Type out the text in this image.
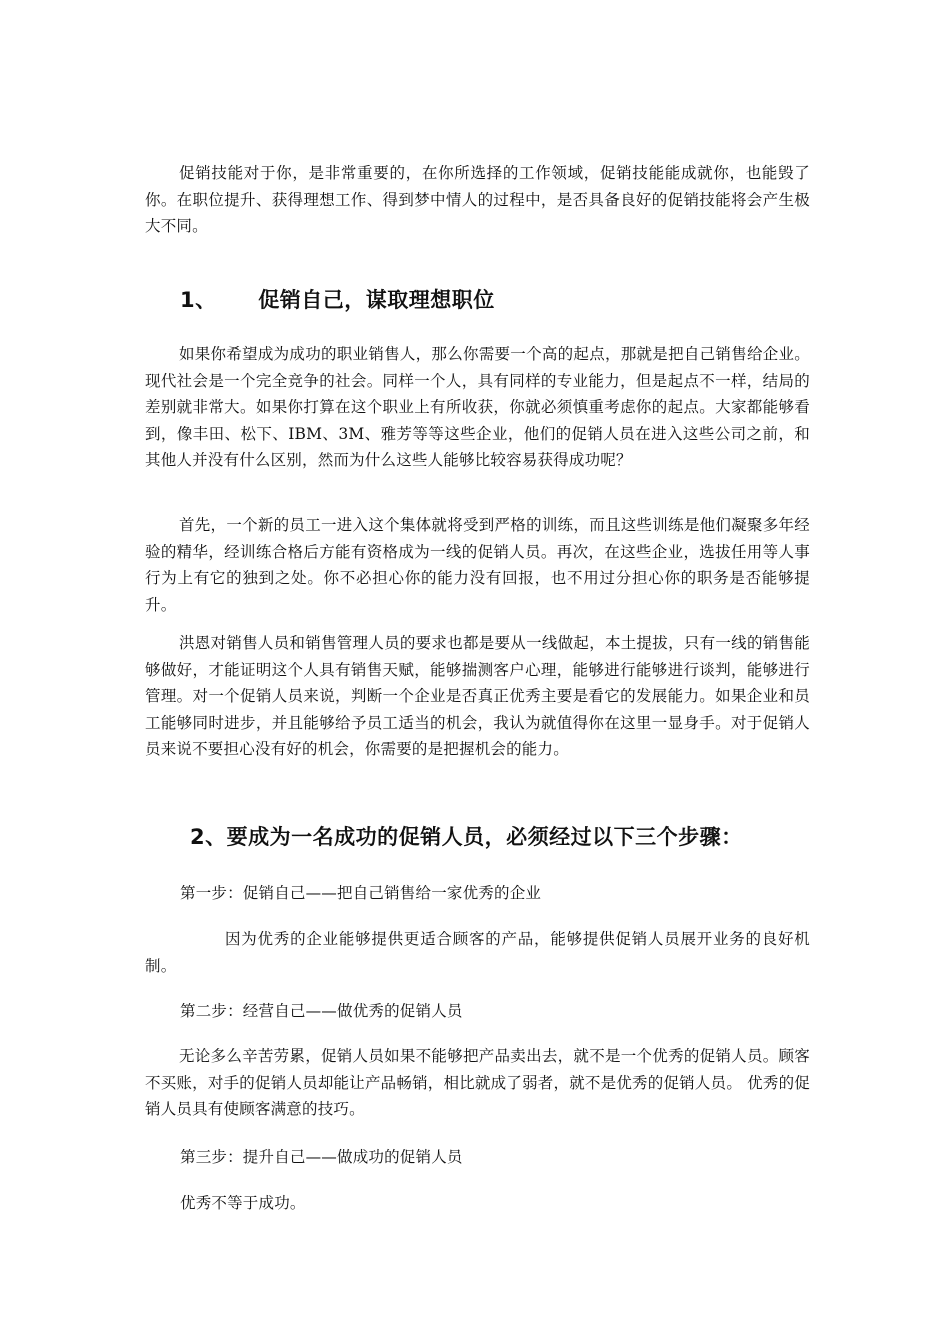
促销技能对于你，是非常重要的，在你所选择的工作领域，促销技能能成就你，也能毁了你。在职位提升、获得理想工作、得到梦中情人的过程中，是否具备良好的促销技能将会产生极大不同。

1、 促销自己，谋取理想职位

如果你希望成为成功的职业销售人，那么你需要一个高的起点，那就是把自己销售给企业。 现代社会是一个完全竞争的社会。同样一个人，具有同样的专业能力，但是起点不一样，结局的差别就非常大。如果你打算在这个职业上有所收获，你就必须慎重考虑你的起点。大家都能够看到，像丰田、松下、IBM、3M、雅芳等等这些企业，他们的促销人员在进入这些公司之前，和其他人并没有什么区别，然而为什么这些人能够比较容易获得成功呢？

首先，一个新的员工一进入这个集体就将受到严格的训练，而且这些训练是他们凝聚多年经验的精华，经训练合格后方能有资格成为一线的促销人员。再次，在这些企业，选拔任用等人事行为上有它的独到之处。你不必担心你的能力没有回报，也不用过分担心你的职务是否能够提升。

洪恩对销售人员和销售管理人员的要求也都是要从一线做起，本土提拔，只有一线的销售能够做好，才能证明这个人具有销售天赋，能够揣测客户心理，能够进行能够进行谈判，能够进行管理。对一个促销人员来说，判断一个企业是否真正优秀主要是看它的发展能力。如果企业和员工能够同时进步，并且能够给予员工适当的机会，我认为就值得你在这里一显身手。对于促销人员来说不要担心没有好的机会，你需要的是把握机会的能力。

2、要成为一名成功的促销人员，必须经过以下三个步骤：
第一步：促销自己——把自己销售给一家优秀的企业

因为优秀的企业能够提供更适合顾客的产品，能够提供促销人员展开业务的良好机制。

第二步：经营自己——做优秀的促销人员

无论多么辛苦劳累，促销人员如果不能够把产品卖出去，就不是一个优秀的促销人员。顾客不买账，对手的促销人员却能让产品畅销，相比就成了弱者，就不是优秀的促销人员。 优秀的促销人员具有使顾客满意的技巧。

第三步：提升自己——做成功的促销人员
优秀不等于成功。
